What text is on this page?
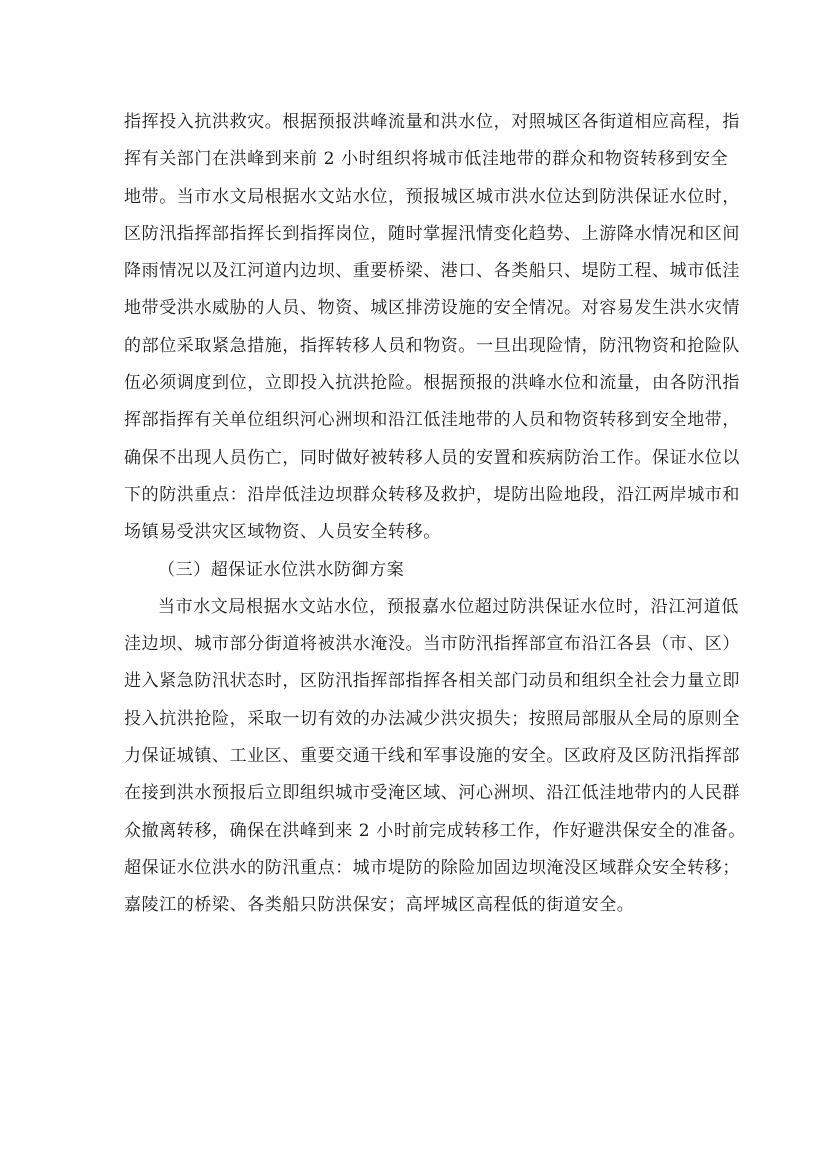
指挥投入抗洪救灾。根据预报洪峰流量和洪水位，对照城区各街道相应高程，指
挥有关部门在洪峰到来前 2 小时组织将城市低洼地带的群众和物资转移到安全
地带。当市水文局根据水文站水位，预报城区城市洪水位达到防洪保证水位时，
区防汛指挥部指挥长到指挥岗位，随时掌握汛情变化趋势、上游降水情况和区间
降雨情况以及江河道内边坝、重要桥梁、港口、各类船只、堤防工程、城市低洼
地带受洪水威胁的人员、物资、城区排涝设施的安全情况。对容易发生洪水灾情
的部位采取紧急措施，指挥转移人员和物资。一旦出现险情，防汛物资和抢险队
伍必须调度到位，立即投入抗洪抢险。根据预报的洪峰水位和流量，由各防汛指
挥部指挥有关单位组织河心洲坝和沿江低洼地带的人员和物资转移到安全地带，
确保不出现人员伤亡，同时做好被转移人员的安置和疾病防治工作。保证水位以
下的防洪重点：沿岸低洼边坝群众转移及救护，堤防出险地段，沿江两岸城市和
场镇易受洪灾区域物资、人员安全转移。
（三）超保证水位洪水防御方案
当市水文局根据水文站水位，预报嘉水位超过防洪保证水位时，沿江河道低
洼边坝、城市部分街道将被洪水淹没。当市防汛指挥部宣布沿江各县（市、区）
进入紧急防汛状态时，区防汛指挥部指挥各相关部门动员和组织全社会力量立即
投入抗洪抢险，采取一切有效的办法减少洪灾损失；按照局部服从全局的原则全
力保证城镇、工业区、重要交通干线和军事设施的安全。区政府及区防汛指挥部
在接到洪水预报后立即组织城市受淹区域、河心洲坝、沿江低洼地带内的人民群
众撤离转移，确保在洪峰到来 2 小时前完成转移工作，作好避洪保安全的准备。
超保证水位洪水的防汛重点：城市堤防的除险加固边坝淹没区域群众安全转移；
嘉陵江的桥梁、各类船只防洪保安；高坪城区高程低的街道安全。
